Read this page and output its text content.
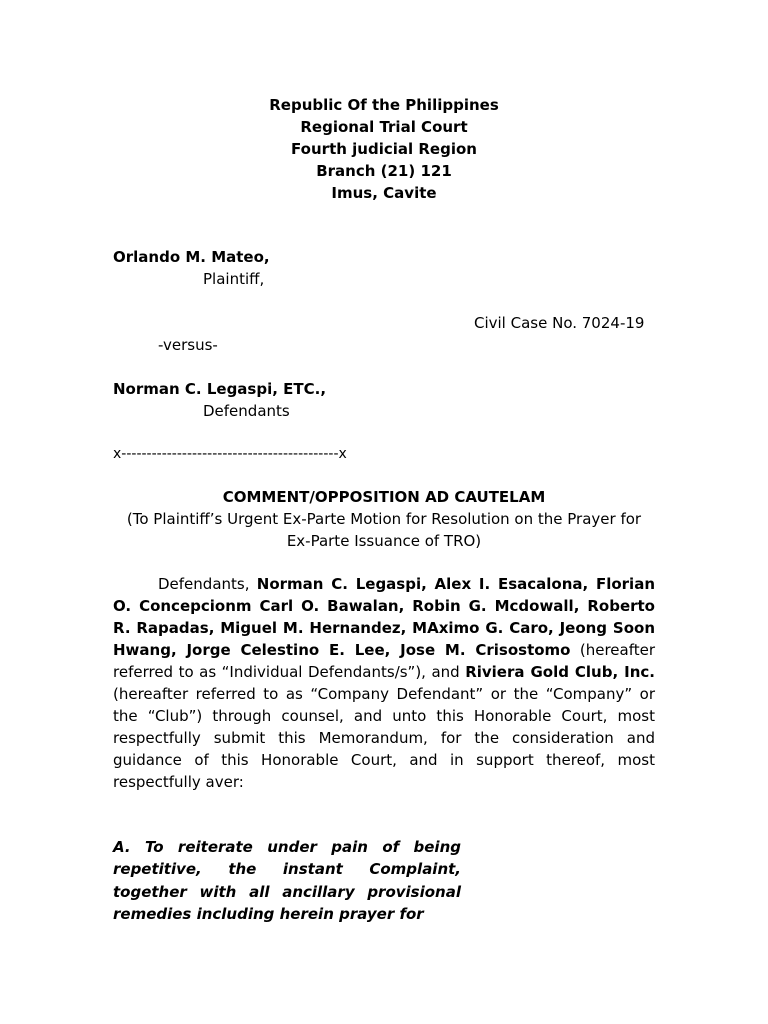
Republic Of the Philippines
Regional Trial Court
Fourth judicial Region
Branch (21) 121
Imus, Cavite
Orlando M. Mateo,
Plaintiff,
Civil Case No. 7024-19
-versus-
Norman C. Legaspi, ETC.,
Defendants
x-------------------------------------------x
COMMENT/OPPOSITION AD CAUTELAM
(To Plaintiff’s Urgent Ex-Parte Motion for Resolution on the Prayer for Ex-Parte Issuance of TRO)
Defendants, Norman C. Legaspi, Alex I. Esacalona, Florian O. Concepcionm Carl O. Bawalan, Robin G. Mcdowall, Roberto R. Rapadas, Miguel M. Hernandez, MAximo G. Caro, Jeong Soon Hwang, Jorge Celestino E. Lee, Jose M. Crisostomo (hereafter referred to as “Individual Defendants/s”), and Riviera Gold Club, Inc. (hereafter referred to as “Company Defendant” or the “Company” or the “Club”) through counsel, and unto this Honorable Court, most respectfully submit this Memorandum, for the consideration and guidance of this Honorable Court, and in support thereof, most respectfully aver:
A. To reiterate under pain of being repetitive, the instant Complaint, together with all ancillary provisional remedies including herein prayer for
